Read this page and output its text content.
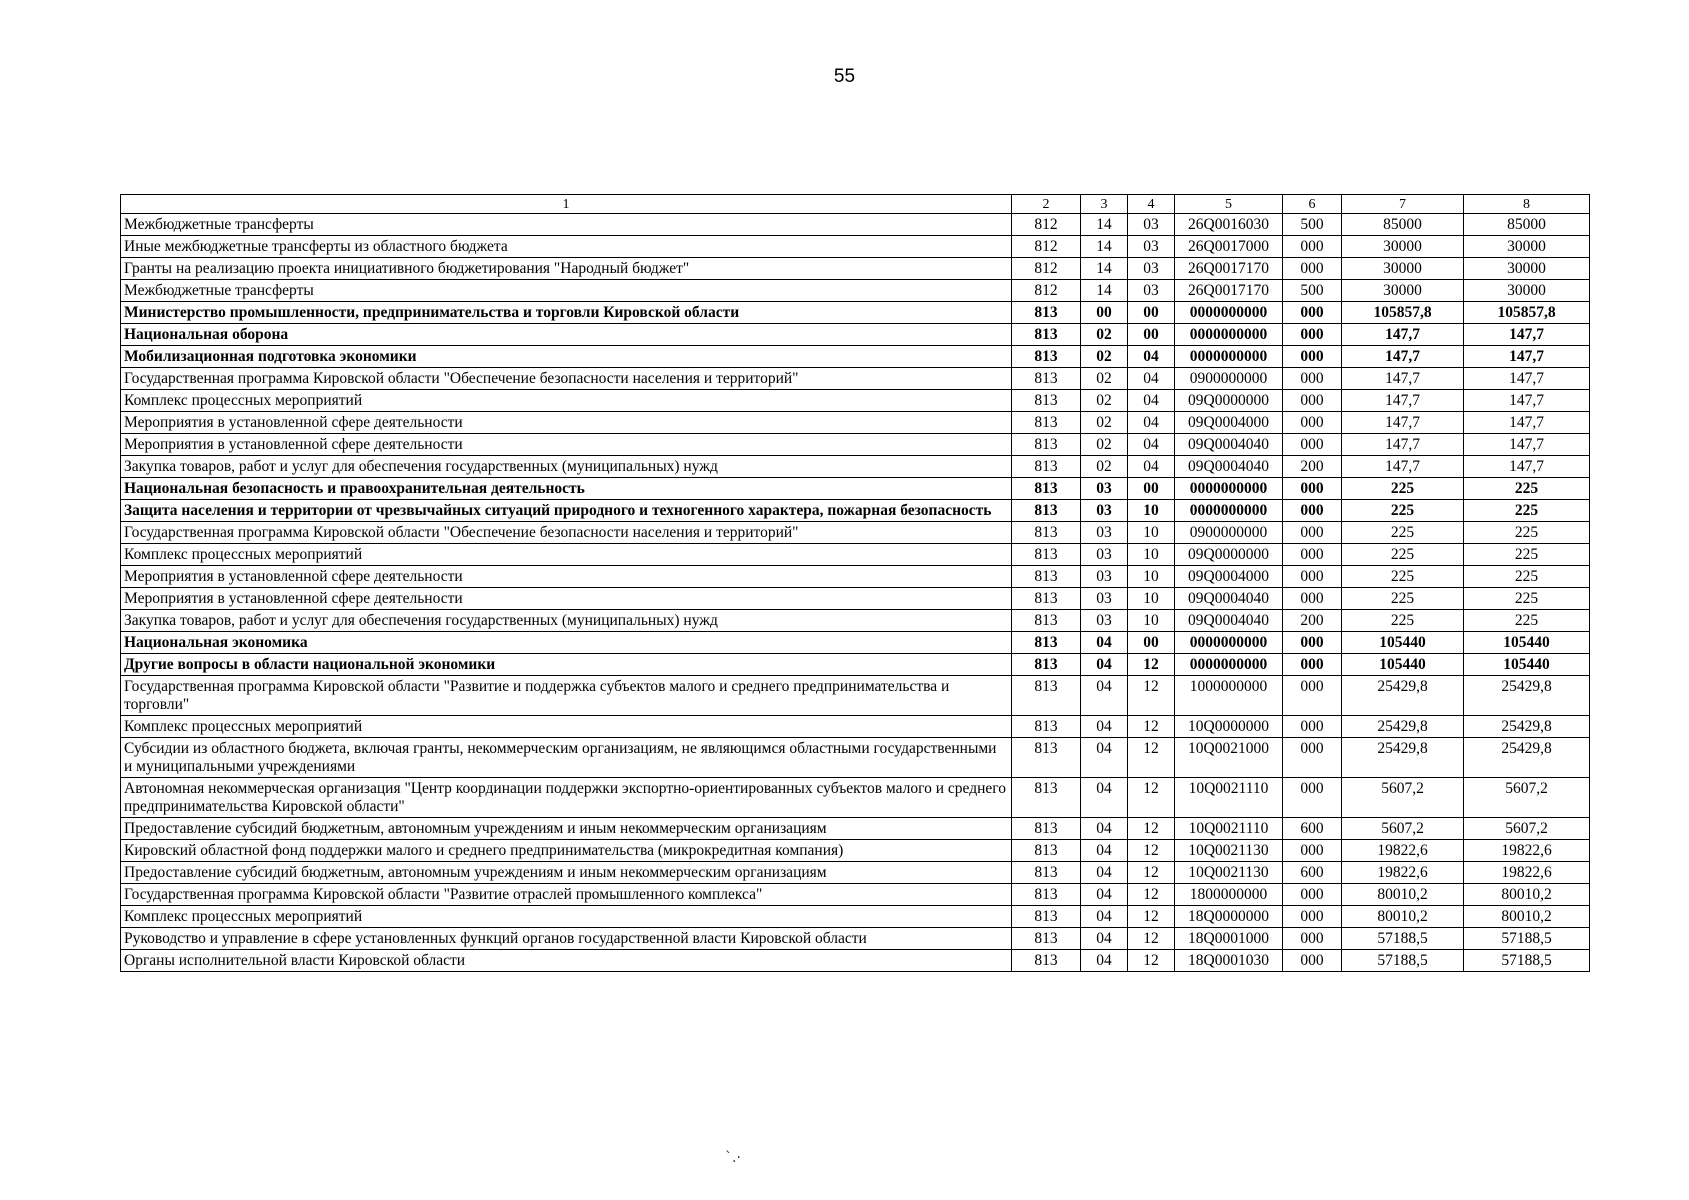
55
1	2	3	4	5	6	7	8
Межбюджетные трансферты	812	14	03	26Q0016030	500	85000	85000
Иные межбюджетные трансферты из областного бюджета	812	14	03	26Q0017000	000	30000	30000
Гранты на реализацию проекта инициативного бюджетирования "Народный бюджет"	812	14	03	26Q0017170	000	30000	30000
Межбюджетные трансферты	812	14	03	26Q0017170	500	30000	30000
Министерство промышленности, предпринимательства и торговли Кировской области	813	00	00	0000000000	000	105857,8	105857,8
Национальная оборона	813	02	00	0000000000	000	147,7	147,7
Мобилизационная подготовка экономики	813	02	04	0000000000	000	147,7	147,7
Государственная программа Кировской области "Обеспечение безопасности населения и территорий"	813	02	04	0900000000	000	147,7	147,7
Комплекс процессных мероприятий	813	02	04	09Q0000000	000	147,7	147,7
Мероприятия в установленной сфере деятельности	813	02	04	09Q0004000	000	147,7	147,7
Мероприятия в установленной сфере деятельности	813	02	04	09Q0004040	000	147,7	147,7
Закупка товаров, работ и услуг для обеспечения государственных (муниципальных) нужд	813	02	04	09Q0004040	200	147,7	147,7
Национальная безопасность и правоохранительная деятельность	813	03	00	0000000000	000	225	225
Защита населения и территории от чрезвычайных ситуаций природного и техногенного характера, пожарная безопасность	813	03	10	0000000000	000	225	225
Государственная программа Кировской области "Обеспечение безопасности населения и территорий"	813	03	10	0900000000	000	225	225
Комплекс процессных мероприятий	813	03	10	09Q0000000	000	225	225
Мероприятия в установленной сфере деятельности	813	03	10	09Q0004000	000	225	225
Мероприятия в установленной сфере деятельности	813	03	10	09Q0004040	000	225	225
Закупка товаров, работ и услуг для обеспечения государственных (муниципальных) нужд	813	03	10	09Q0004040	200	225	225
Национальная экономика	813	04	00	0000000000	000	105440	105440
Другие вопросы в области национальной экономики	813	04	12	0000000000	000	105440	105440
Государственная программа Кировской области "Развитие и поддержка субъектов малого и среднего предпринимательства и торговли"	813	04	12	1000000000	000	25429,8	25429,8
Комплекс процессных мероприятий	813	04	12	10Q0000000	000	25429,8	25429,8
Субсидии из областного бюджета, включая гранты, некоммерческим организациям, не являющимся областными государственными и муниципальными учреждениями	813	04	12	10Q0021000	000	25429,8	25429,8
Автономная некоммерческая организация "Центр координации поддержки экспортно-ориентированных субъектов малого и среднего предпринимательства Кировской области"	813	04	12	10Q0021110	000	5607,2	5607,2
Предоставление субсидий бюджетным, автономным учреждениям и иным некоммерческим организациям	813	04	12	10Q0021110	600	5607,2	5607,2
Кировский областной фонд поддержки малого и среднего предпринимательства (микрокредитная компания)	813	04	12	10Q0021130	000	19822,6	19822,6
Предоставление субсидий бюджетным, автономным учреждениям и иным некоммерческим организациям	813	04	12	10Q0021130	600	19822,6	19822,6
Государственная программа Кировской области "Развитие отраслей промышленного комплекса"	813	04	12	1800000000	000	80010,2	80010,2
Комплекс процессных мероприятий	813	04	12	18Q0000000	000	80010,2	80010,2
Руководство и управление в сфере установленных функций органов государственной власти Кировской области	813	04	12	18Q0001000	000	57188,5	57188,5
Органы исполнительной власти Кировской области	813	04	12	18Q0001030	000	57188,5	57188,5
`.·
